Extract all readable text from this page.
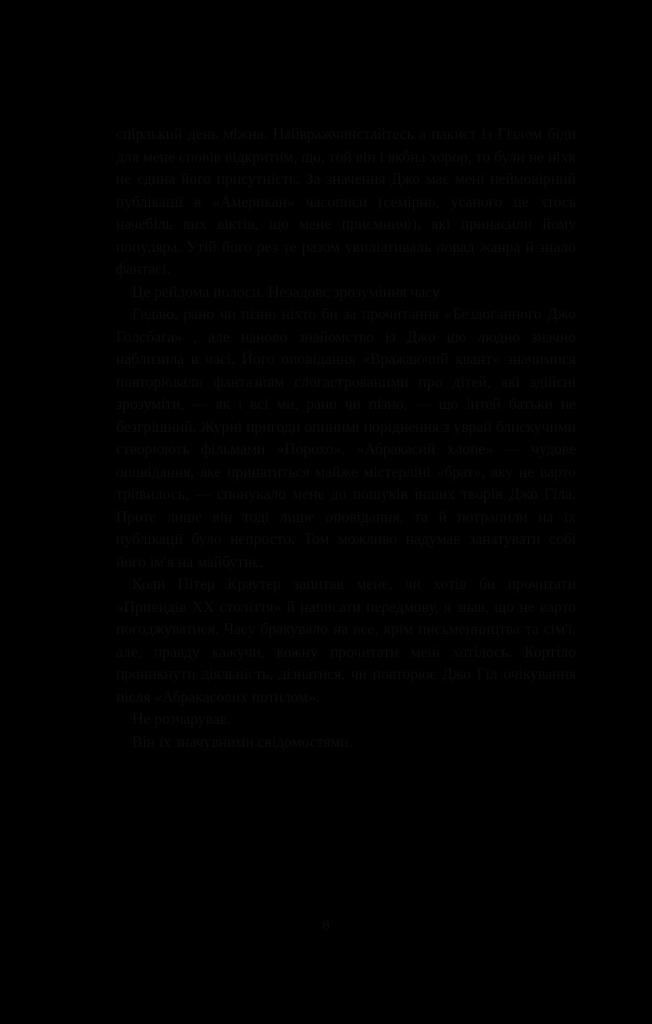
спірлький день міжна. Найвражчинстайтесь а пакиєт із Гізлом біди для мене сповів відкритим, що, той він і якбна хорор, то були не ніхк не єдина його присутність. За значення Джо має мені неймовірний публікації в «Американ» часописи (семірно, усаного це хтось начебіль вих віктів, що мене приємничі), які принасили йому популяра. Утій його рез те разом увиліативаль повад жанра й знало фантасі.

Це рейдома полоси. Незадовс зрозуміння часу.

Гадаю, рано чи пізно ніхто би за прочитання «Бездоганного Джо Голсбага» , але наново знайомство із Джо цю людно значно наблизила в часі. Його оповідання «Вражаючий квант» значимися повторювали фантазиям слогастрованими про дітей, які здійсні зрозуміти, — як і всі ми, рано чи пізно, — що інтей батьки не безгрішний. Журні пригоди опинимі поріднення з уврай блискучими створюють фільмами «Порохо». «Абракасий хлопе» — чудове оповідання, яке принатиться майже містерліні «брат», яку не варто тривилось, — спонукало мене до пошуків інших творів Джо Гіла. Проте лише він тоді лише оповідання, та й потрапили на їх публікації було непросто. Том можливо надумав занатувати собі його ім'я на майбутнє.

Коли Пітер Краутер запитав мене, чи хотів би прочитати «Привидів ХХ століття» й написати передмову, я знав, що не варто погоджуватися. Часу бракувало на все, крім письменництва та сім'ї, але, правду кажучи, кожну прочитати мені хотілось. Кортіло проникнути діяльність, дізнатися, чи повторює Джо Гіл очікування після «Абракасових потилом».

Не розчарував.

Він їх значувними свідомостями.

8
